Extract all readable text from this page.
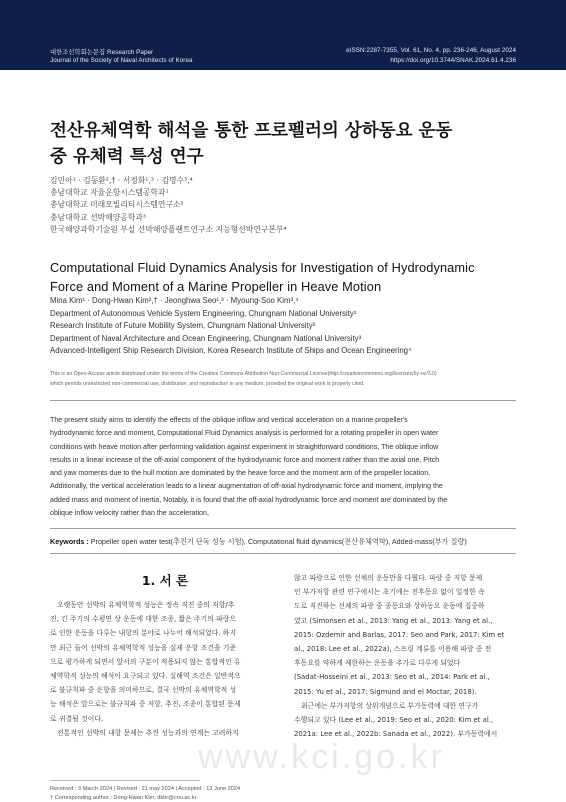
대한조선학회논문집 Research Paper
Journal of the Society of Naval Architects of Korea
eISSN:2287-7355, Vol. 61, No. 4, pp. 236-246, August 2024
https://doi.org/10.3744/SNAK.2024.61.4.236
전산유체역학 해석을 통한 프로펠러의 상하동요 운동
중 유체력 특성 연구
김민아¹ · 김동환²,† · 서정화¹,³ · 김명수³,⁴
충남대학교 자율운항시스템공학과¹
충남대학교 미래모빌리티시스템연구소²
충남대학교 선박해양공학과³
한국해양과학기술원 부설 선박해양플랜트연구소 지능형선박연구본부⁴
Computational Fluid Dynamics Analysis for Investigation of Hydrodynamic
Force and Moment of a Marine Propeller in Heave Motion
Mina Kim¹ · Dong-Hwan Kim²,† · Jeonghwa Seo¹,³ · Myoung-Soo Kim³,⁴
Department of Autonomous Vehicle System Engineering, Chungnam National University¹
Research Institute of Future Mobility System, Chungnam National University²
Department of Naval Architecture and Ocean Engineering, Chungnam National University³
Advanced-Intelligent Ship Research Division, Korea Research Institute of Ships and Ocean Engineering⁴
This is an Open-Access article distributed under the terms of the Creative Commons Attribution Non-Commercial License(http://creativecommons.org/licenses/by-nc/3.0)
which permits unrestricted non-commercial use, distribution, and reproduction in any medium, provided the original work is properly cited.
The present study aims to identify the effects of the oblique inflow and vertical acceleration on a marine propeller's
hydrodynamic force and moment, Computational Fluid Dynamics analysis is performed for a rotating propeller in open water
conditions with heave motion after performing validation against experiment in straightforward conditions, The oblique inflow
results in a linear increase of the off-axial component of the hydrodynamic force and moment rather than the axial one, Pitch
and yaw moments due to the hull motion are dominated by the heave force and the moment arm of the propeller location,
Additionally, the vertical acceleration leads to a linear augmentation of off-axial hydrodynamic force and moment, implying the
added mass and moment of inertia, Notably, it is found that the off-axial hydrodynamic force and moment are dominated by the
oblique inflow velocity rather than the acceleration,
Keywords : Propeller open water test(추진기 단독 성능 시험), Computational fluid dynamics(전산유체역학), Added-mass(부가 질량)
1. 서 론
오랫동안 선박의 유체역학적 성능은 정속 직진 중의 저항/추
진, 긴 주기의 수평면 상 운동에 대한 조종, 짧은 주기의 파랑으
로 인한 운동을 다루는 내항의 분야로 나누어 해석되었다. 하지
만 최근 들어 선박의 유체역학적 성능을 실제 운항 조건을 기준
으로 평가하게 되면서 앞서의 구분이 적용되지 않는 통합적인 유
체역학적 성능의 해석이 요구되고 있다. 실해역 조건은 일반적으
로 불규칙파 중 운항을 의미하므로, 결국 선박의 유체역학적 성
능 해석은 앞으로는 불규칙파 중 저항, 추진, 조종이 통합된 문제
로 귀결될 것이다.
전통적인 선박의 내항 문제는 추진 성능과의 연계는 고려하지
않고 파랑으로 인한 선체의 운동만을 다뤘다. 파랑 중 저항 문제
인 부가저항 관련 연구에서는 초기에는 전후동요 없이 일정한 속
도로 직진하는 선체의 파랑 중 종동요와 상하동요 운동에 집중하
였고 (Simonsen et al., 2013: Yang et al., 2013: Yang et al.,
2015: Ozdemir and Barlas, 2017: Seo and Park, 2017: Kim et
al., 2018: Lee et al., 2022a), 스프링 계류를 이용해 파랑 중 전
후동요를 약하게 제한하는 운동을 추가로 다루게 되었다
(Sadat-Hosseini et al., 2013: Seo et al., 2014: Park et al.,
2015: Yu et al., 2017: Sigmund and el Moctar, 2018).
최근에는 부가저항의 상위개념으로 부가동력에 대한 연구가
수행되고 있다 (Lee et al., 2019: Seo et al., 2020: Kim et al.,
2021a: Lee et al., 2022b: Sanada et al., 2022). 부가동력에서
www.kci.go.kr
Received : 3 March 2024 | Revised : 21 may 2024 | Accepted : 13 June 2024
† Corresponding author : Dong-Hwan Kim, dkbr@cnu.ac.kr
